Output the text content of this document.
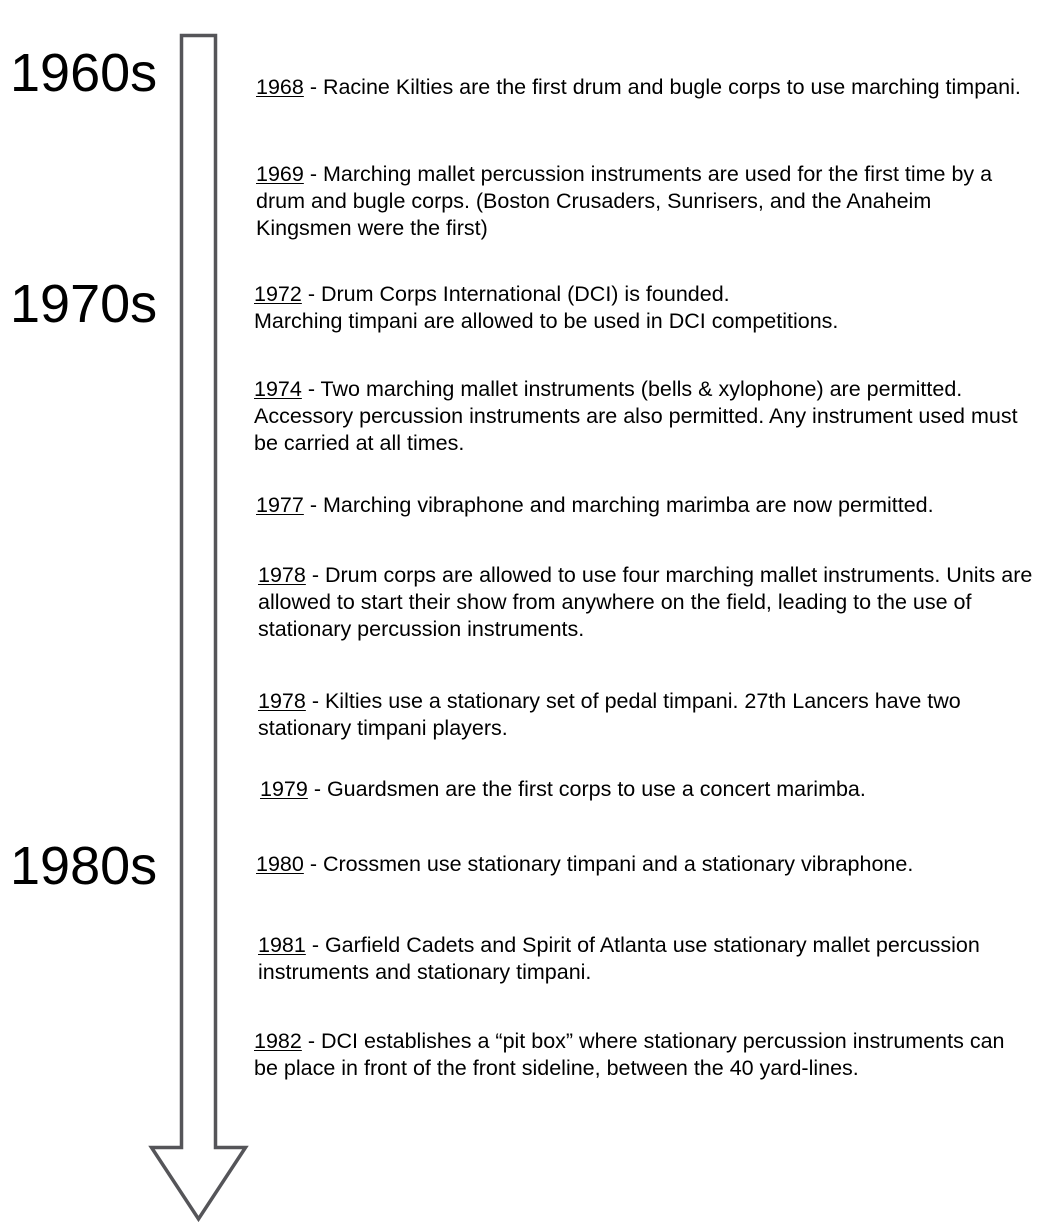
1960s
1970s
1980s
1968 - Racine Kilties are the first drum and bugle corps to use marching timpani.
1969 - Marching mallet percussion instruments are used for the first time by a drum and bugle corps. (Boston Crusaders, Sunrisers, and the Anaheim Kingsmen were the first)
1972 - Drum Corps International (DCI) is founded.
Marching timpani are allowed to be used in DCI competitions.
1974 - Two marching mallet instruments (bells & xylophone) are permitted. Accessory percussion instruments are also permitted. Any instrument used must be carried at all times.
1977 - Marching vibraphone and marching marimba are now permitted.
1978 - Drum corps are allowed to use four marching mallet instruments. Units are allowed to start their show from anywhere on the field, leading to the use of stationary percussion instruments.
1978 - Kilties use a stationary set of pedal timpani. 27th Lancers have two stationary timpani players.
1979 - Guardsmen are the first corps to use a concert marimba.
1980 - Crossmen use stationary timpani and a stationary vibraphone.
1981 - Garfield Cadets and Spirit of Atlanta use stationary mallet percussion instruments and stationary timpani.
1982 - DCI establishes a “pit box” where stationary percussion instruments can be place in front of the front sideline, between the 40 yard-lines.
